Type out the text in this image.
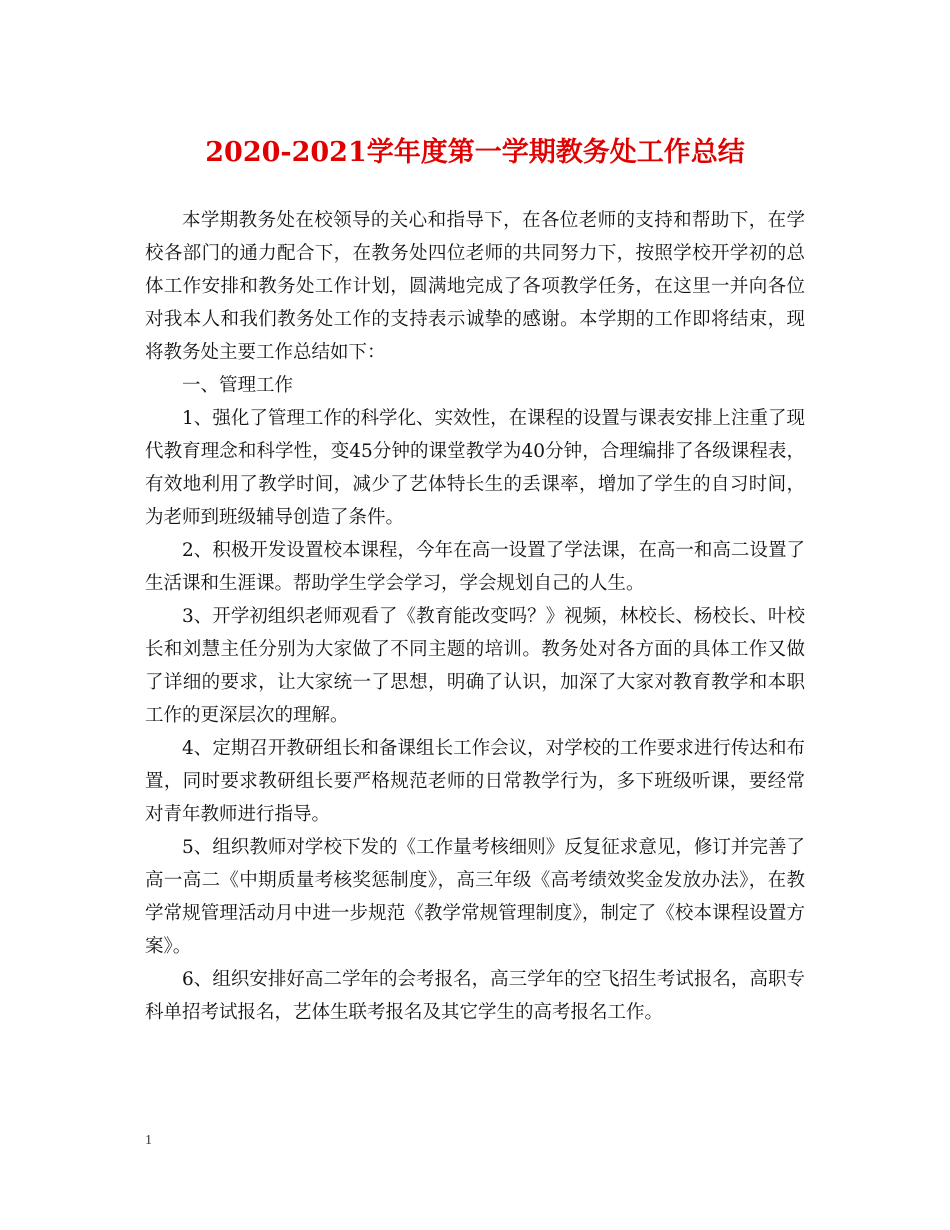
2020-2021学年度第一学期教务处工作总结

本学期教务处在校领导的关心和指导下，在各位老师的支持和帮助下，在学校各部门的通力配合下，在教务处四位老师的共同努力下，按照学校开学初的总体工作安排和教务处工作计划，圆满地完成了各项教学任务，在这里一并向各位对我本人和我们教务处工作的支持表示诚挚的感谢。本学期的工作即将结束，现将教务处主要工作总结如下：

一、管理工作

1、强化了管理工作的科学化、实效性，在课程的设置与课表安排上注重了现代教育理念和科学性，变45分钟的课堂教学为40分钟，合理编排了各级课程表，有效地利用了教学时间，减少了艺体特长生的丢课率，增加了学生的自习时间，为老师到班级辅导创造了条件。

2、积极开发设置校本课程，今年在高一设置了学法课，在高一和高二设置了生活课和生涯课。帮助学生学会学习，学会规划自己的人生。

3、开学初组织老师观看了《教育能改变吗？》视频，林校长、杨校长、叶校长和刘慧主任分别为大家做了不同主题的培训。教务处对各方面的具体工作又做了详细的要求，让大家统一了思想，明确了认识，加深了大家对教育教学和本职工作的更深层次的理解。

4、定期召开教研组长和备课组长工作会议，对学校的工作要求进行传达和布置，同时要求教研组长要严格规范老师的日常教学行为，多下班级听课，要经常对青年教师进行指导。

5、组织教师对学校下发的《工作量考核细则》反复征求意见，修订并完善了高一高二《中期质量考核奖惩制度》，高三年级《高考绩效奖金发放办法》，在教学常规管理活动月中进一步规范《教学常规管理制度》，制定了《校本课程设置方案》。

6、组织安排好高二学年的会考报名，高三学年的空飞招生考试报名，高职专科单招考试报名，艺体生联考报名及其它学生的高考报名工作。

1
